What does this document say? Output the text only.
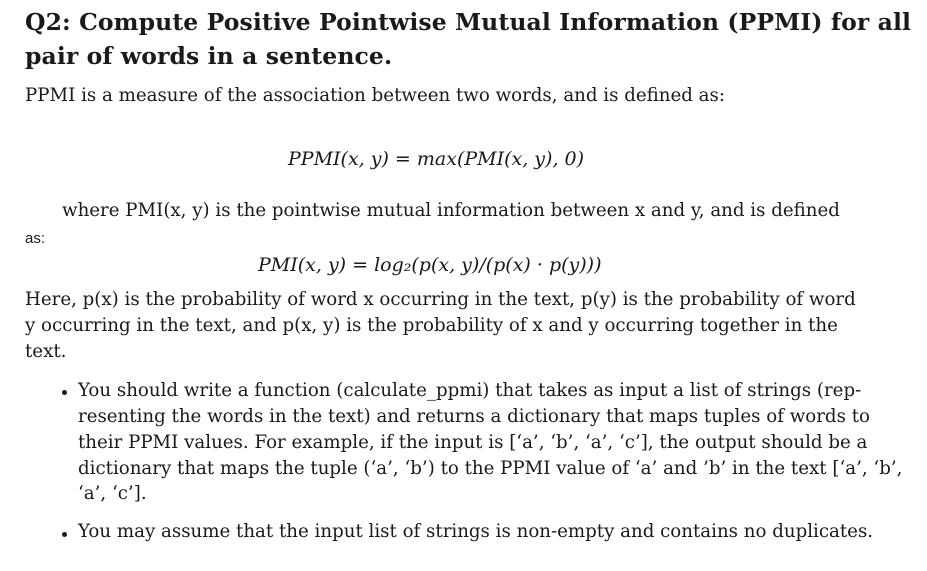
Q2: Compute Positive Pointwise Mutual Information (PPMI) for all
pair of words in a sentence.
PPMI is a measure of the association between two words, and is defined as:
PPMI(x, y) = max(PMI(x, y), 0)
where PMI(x, y) is the pointwise mutual information between x and y, and is defined
as:
PMI(x, y) = log₂(p(x, y)/(p(x) · p(y)))
Here, p(x) is the probability of word x occurring in the text, p(y) is the probability of word
y occurring in the text, and p(x, y) is the probability of x and y occurring together in the
text.
You should write a function (calculate_ppmi) that takes as input a list of strings (rep-
resenting the words in the text) and returns a dictionary that maps tuples of words to
their PPMI values. For example, if the input is [‘a’, ‘b’, ‘a’, ‘c’], the output should be a
dictionary that maps the tuple (‘a’, ‘b’) to the PPMI value of ‘a’ and ’b’ in the text [‘a’, ‘b’,
‘a’, ‘c’].
You may assume that the input list of strings is non-empty and contains no duplicates.
